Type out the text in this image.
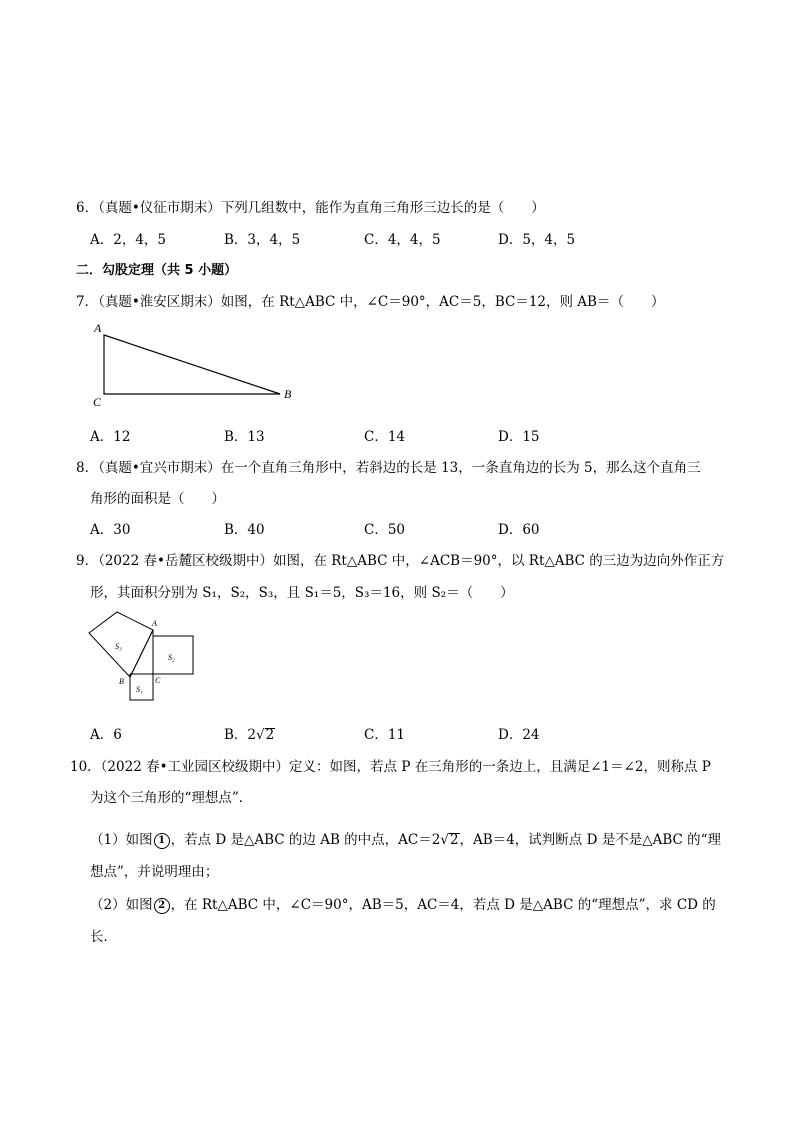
6．（真题•仪征市期末）下列几组数中，能作为直角三角形三边长的是（　　）
A．2，4，5	B．3，4，5	C．4，4，5	D．5，4，5
二．勾股定理（共 5 小题）
7．（真题•淮安区期末）如图，在 Rt△ABC 中，∠C＝90°，AC＝5，BC＝12，则 AB＝（　　）
A
B
C
A．12	B．13	C．14	D．15
8．（真题•宜兴市期末）在一个直角三角形中，若斜边的长是 13，一条直角边的长为 5，那么这个直角三
角形的面积是（　　）
A．30	B．40	C．50	D．60
9．（2022 春•岳麓区校级期中）如图，在 Rt△ABC 中，∠ACB＝90°，以 Rt△ABC 的三边为边向外作正方
形，其面积分别为 S₁，S₂，S₃，且 S₁＝5，S₃＝16，则 S₂＝（　　）
A
B	C
S₁
S₂
S₃
A．6	B．2√2	C．11	D．24
10．（2022 春•工业园区校级期中）定义：如图，若点 P 在三角形的一条边上，且满足∠1＝∠2，则称点 P
为这个三角形的“理想点”．
（1）如图 1 ，若点 D 是△ABC 的边 AB 的中点，AC＝2√2，AB＝4，试判断点 D 是不是△ABC 的“理
想点”，并说明理由；
（2）如图 2 ，在 Rt△ABC 中，∠C＝90°，AB＝5，AC＝4，若点 D 是△ABC 的“理想点”，求 CD 的
长．
